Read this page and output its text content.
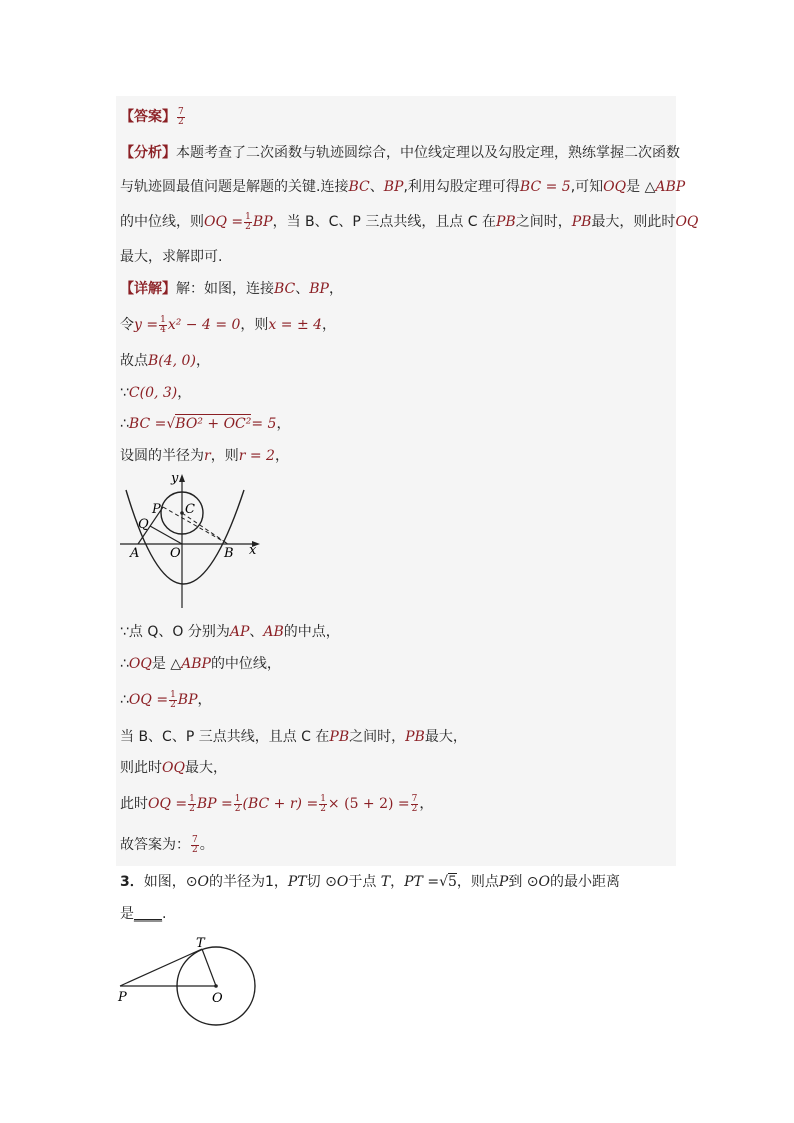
【答案】 $\frac{7}{2}$
【分析】本题考查了二次函数与轨迹圆综合，中位线定理以及勾股定理，熟练掌握二次函数
与轨迹圆最值问题是解题的关键.连接BC、BP,利用勾股定理可得BC = 5,可知OQ是 △ABP
的中位线，则OQ = $\frac{1}{2}$ BP，当 B、C、P 三点共线，且点 C 在PB之间时，PB最大，则此时OQ
最大，求解即可.
【详解】解：如图，连接BC、BP，
令$y = \frac{1}{4} x^2 - 4 = 0$，则x = ± 4，
故点B(4, 0)，
∵C(0, 3)，
∴BC =√BO² + OC²= 5，
设圆的半径为r，则r = 2，
y
x
P C
Q
A O	B
∵点 Q、O 分别为AP、AB的中点，
∴OQ是 △ABP的中位线，
∴OQ = $\frac{1}{2}$ BP，
当 B、C、P 三点共线，且点 C 在PB之间时，PB最大，
则此时OQ最大，
此时OQ = $\frac{1}{2}$ BP = $\frac{1}{2} (BC + r) = \frac{1}{2} \times (5 + 2) = \frac{7}{2}$ ，
故答案为： $\frac{7}{2}$ 。
3．如图，⊙O的半径为1，PT切 ⊙O于点 T，PT =√5，则点P到 ⊙O的最小距离
是____.
T
P	O
